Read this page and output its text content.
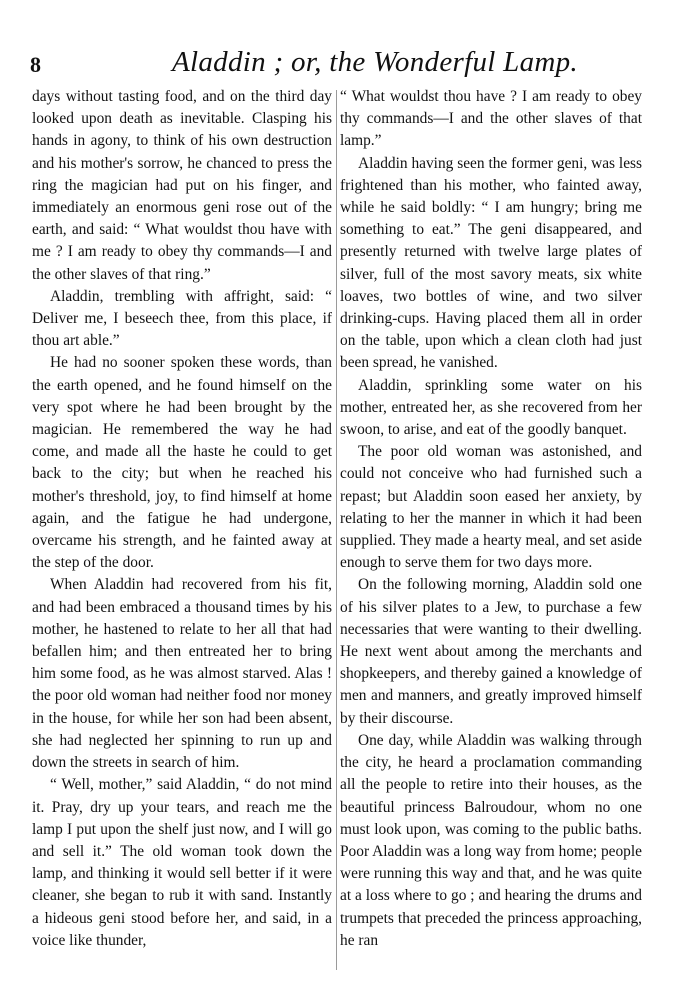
8	Aladdin ; or, the Wonderful Lamp.

days without tasting food, and on the third day looked upon death as inevitable. Clasping his hands in agony, to think of his own destruction and his mother's sorrow, he chanced to press the ring the magician had put on his finger, and immediately an enormous geni rose out of the earth, and said: “ What wouldst thou have with me ? I am ready to obey thy commands—I and the other slaves of that ring.”

Aladdin, trembling with affright, said: “ Deliver me, I beseech thee, from this place, if thou art able.”

He had no sooner spoken these words, than the earth opened, and he found himself on the very spot where he had been brought by the magician. He remembered the way he had come, and made all the haste he could to get back to the city; but when he reached his mother's threshold, joy, to find himself at home again, and the fatigue he had undergone, overcame his strength, and he fainted away at the step of the door.

When Aladdin had recovered from his fit, and had been embraced a thousand times by his mother, he hastened to relate to her all that had befallen him; and then entreated her to bring him some food, as he was almost starved. Alas ! the poor old woman had neither food nor money in the house, for while her son had been absent, she had neglected her spinning to run up and down the streets in search of him.

“ Well, mother,” said Aladdin, “ do not mind it. Pray, dry up your tears, and reach me the lamp I put upon the shelf just now, and I will go and sell it.” The old woman took down the lamp, and thinking it would sell better if it were cleaner, she began to rub it with sand. Instantly a hideous geni stood before her, and said, in a voice like thunder,

“ What wouldst thou have ? I am ready to obey thy commands—I and the other slaves of that lamp.”

Aladdin having seen the former geni, was less frightened than his mother, who fainted away, while he said boldly: “ I am hungry; bring me something to eat.” The geni disappeared, and presently returned with twelve large plates of silver, full of the most savory meats, six white loaves, two bottles of wine, and two silver drinking-cups. Having placed them all in order on the table, upon which a clean cloth had just been spread, he vanished.

Aladdin, sprinkling some water on his mother, entreated her, as she recovered from her swoon, to arise, and eat of the goodly banquet.

The poor old woman was astonished, and could not conceive who had furnished such a repast; but Aladdin soon eased her anxiety, by relating to her the manner in which it had been supplied. They made a hearty meal, and set aside enough to serve them for two days more.

On the following morning, Aladdin sold one of his silver plates to a Jew, to purchase a few necessaries that were wanting to their dwelling. He next went about among the merchants and shopkeepers, and thereby gained a knowledge of men and manners, and greatly improved himself by their discourse.

One day, while Aladdin was walking through the city, he heard a proclamation commanding all the people to retire into their houses, as the beautiful princess Balroudour, whom no one must look upon, was coming to the public baths. Poor Aladdin was a long way from home; people were running this way and that, and he was quite at a loss where to go ; and hearing the drums and trumpets that preceded the princess approaching, he ran
